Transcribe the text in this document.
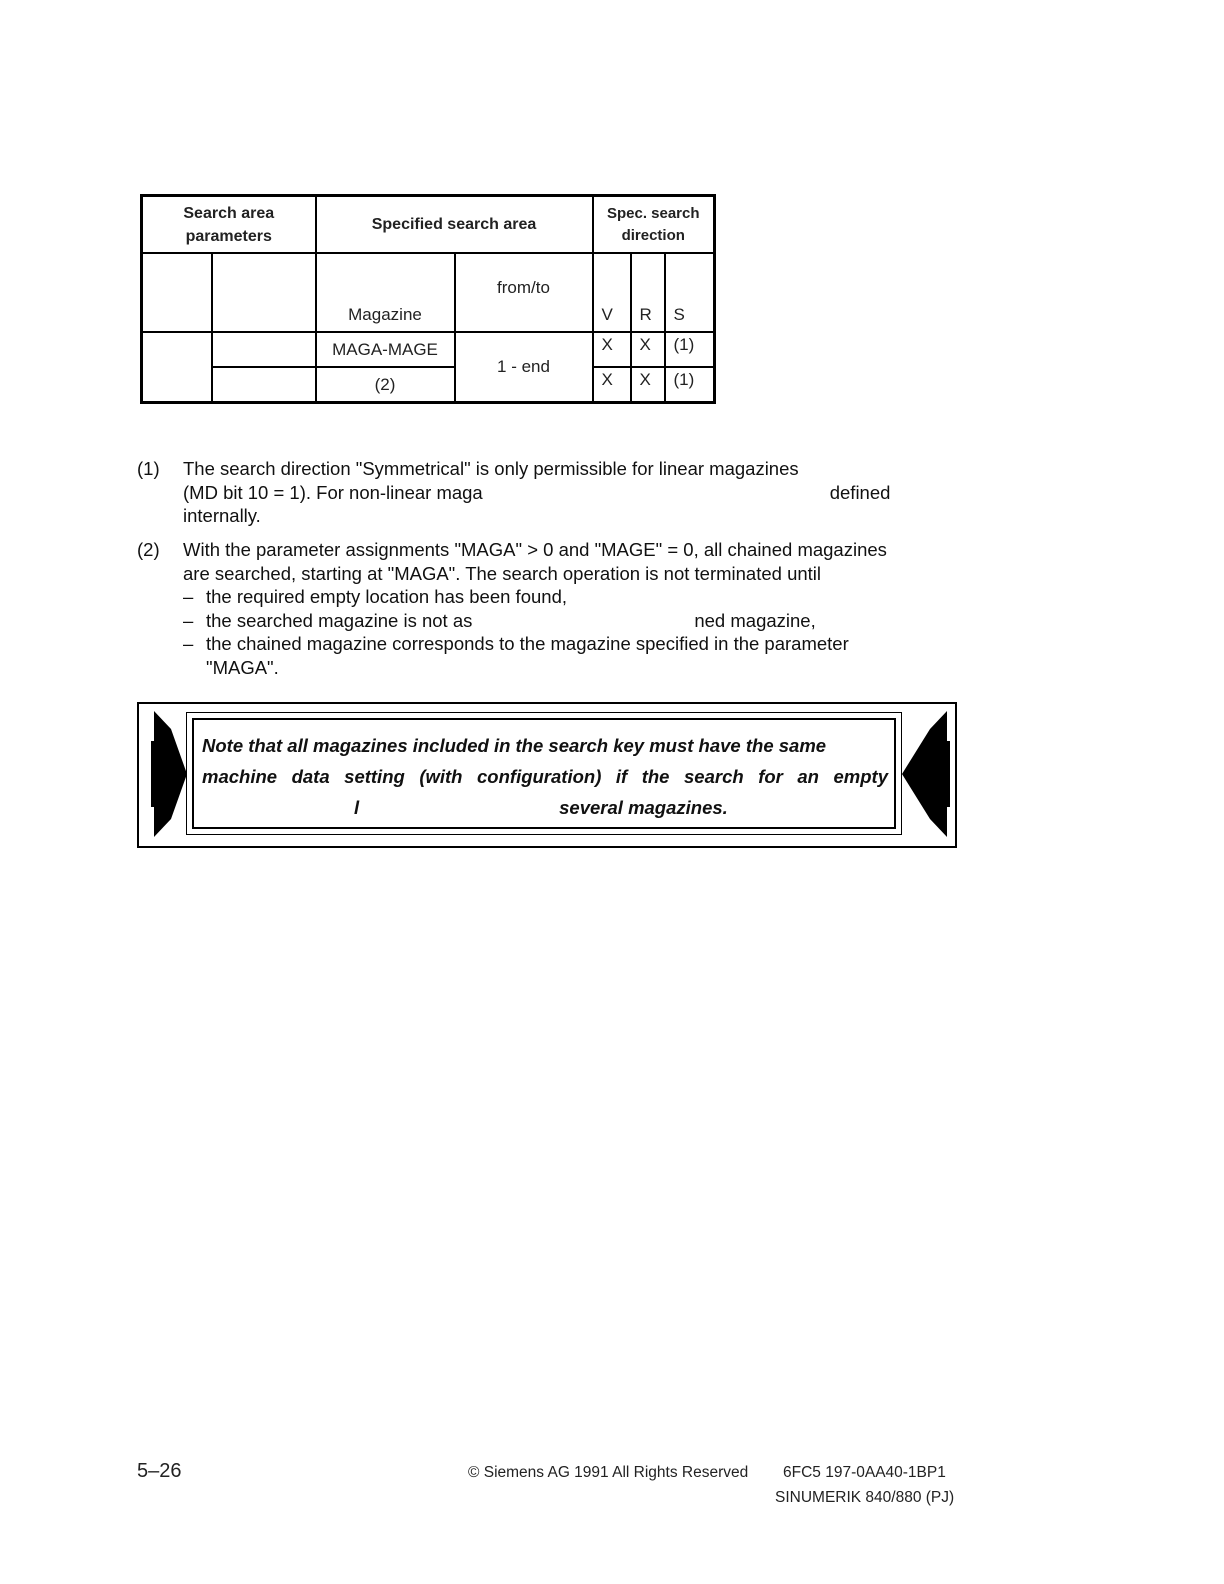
Search area
parameters		Specified search area		Spec. search
direction		
		Magazine	from/to	V	R	S
		MAGA-MAGE	1 - end	X	X	(1)
		(2)		X	X	(1)
(1) The search direction "Symmetrical" is only permissible for linear magazines
(MD bit 10 = 1). For non-linear maga	defined
internally.
(2) With the parameter assignments "MAGA" > 0 and "MAGE" = 0, all chained magazines
are searched, starting at "MAGA". The search operation is not terminated until
– the required empty location has been found,
– the searched magazine is not as	ned magazine,
– the chained magazine corresponds to the magazine specified in the parameter
"MAGA".
Note that all magazines included in the search key must have the same
machine data setting (with configuration) if the search for an empty
l	several magazines.
5–26	© Siemens AG 1991 All Rights Reserved 6FC5 197-0AA40-1BP1
SINUMERIK 840/880 (PJ)
